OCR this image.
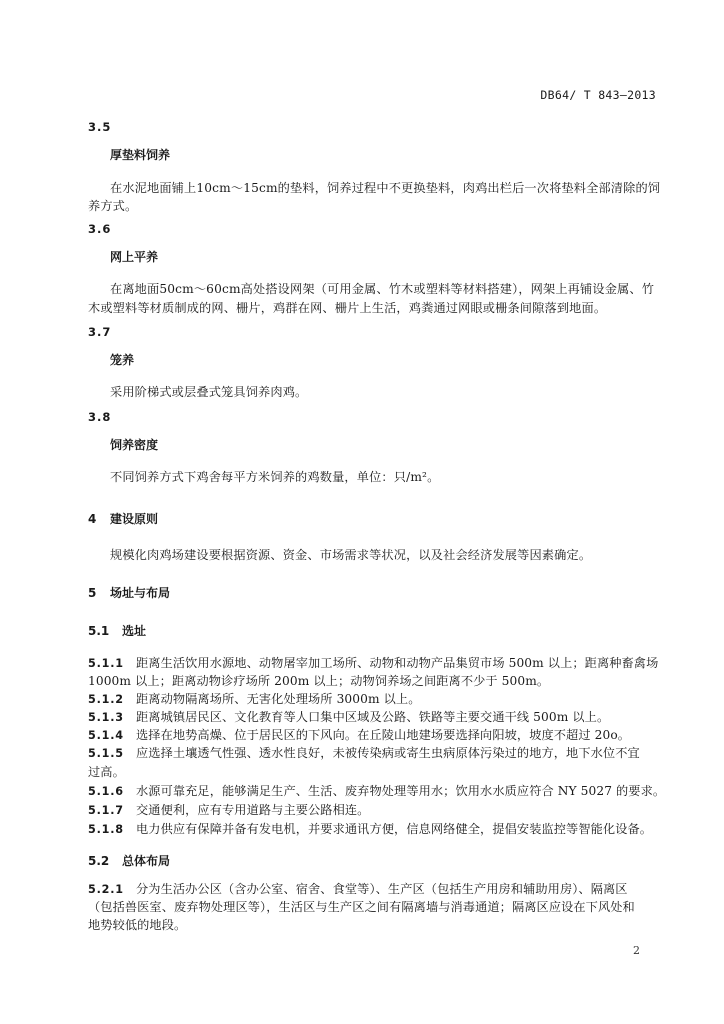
DB64/ T 843—2013
3.5
厚垫料饲养
在水泥地面铺上10cm～15cm的垫料，饲养过程中不更换垫料，肉鸡出栏后一次将垫料全部清除的饲
养方式。
3.6
网上平养
在离地面50cm～60cm高处搭设网架（可用金属、竹木或塑料等材料搭建），网架上再铺设金属、竹
木或塑料等材质制成的网、栅片，鸡群在网、栅片上生活，鸡粪通过网眼或栅条间隙落到地面。
3.7
笼养
采用阶梯式或层叠式笼具饲养肉鸡。
3.8
饲养密度
不同饲养方式下鸡舍每平方米饲养的鸡数量，单位：只/m²。
4 建设原则
规模化肉鸡场建设要根据资源、资金、市场需求等状况，以及社会经济发展等因素确定。
5 场址与布局
5.1 选址
5.1.1 距离生活饮用水源地、动物屠宰加工场所、动物和动物产品集贸市场 500m 以上；距离种畜禽场
1000m 以上；距离动物诊疗场所 200m 以上；动物饲养场之间距离不少于 500m。
5.1.2 距离动物隔离场所、无害化处理场所 3000m 以上。
5.1.3 距离城镇居民区、文化教育等人口集中区域及公路、铁路等主要交通干线 500m 以上。
5.1.4 选择在地势高燥、位于居民区的下风向。在丘陵山地建场要选择向阳坡，坡度不超过 20o。
5.1.5 应选择土壤透气性强、透水性良好，未被传染病或寄生虫病原体污染过的地方，地下水位不宜
过高。
5.1.6 水源可靠充足，能够满足生产、生活、废弃物处理等用水；饮用水水质应符合 NY 5027 的要求。
5.1.7 交通便利，应有专用道路与主要公路相连。
5.1.8 电力供应有保障并备有发电机，并要求通讯方便，信息网络健全，提倡安装监控等智能化设备。
5.2 总体布局
5.2.1 分为生活办公区（含办公室、宿舍、食堂等）、生产区（包括生产用房和辅助用房）、隔离区
（包括兽医室、废弃物处理区等），生活区与生产区之间有隔离墙与消毒通道；隔离区应设在下风处和
地势较低的地段。
2
